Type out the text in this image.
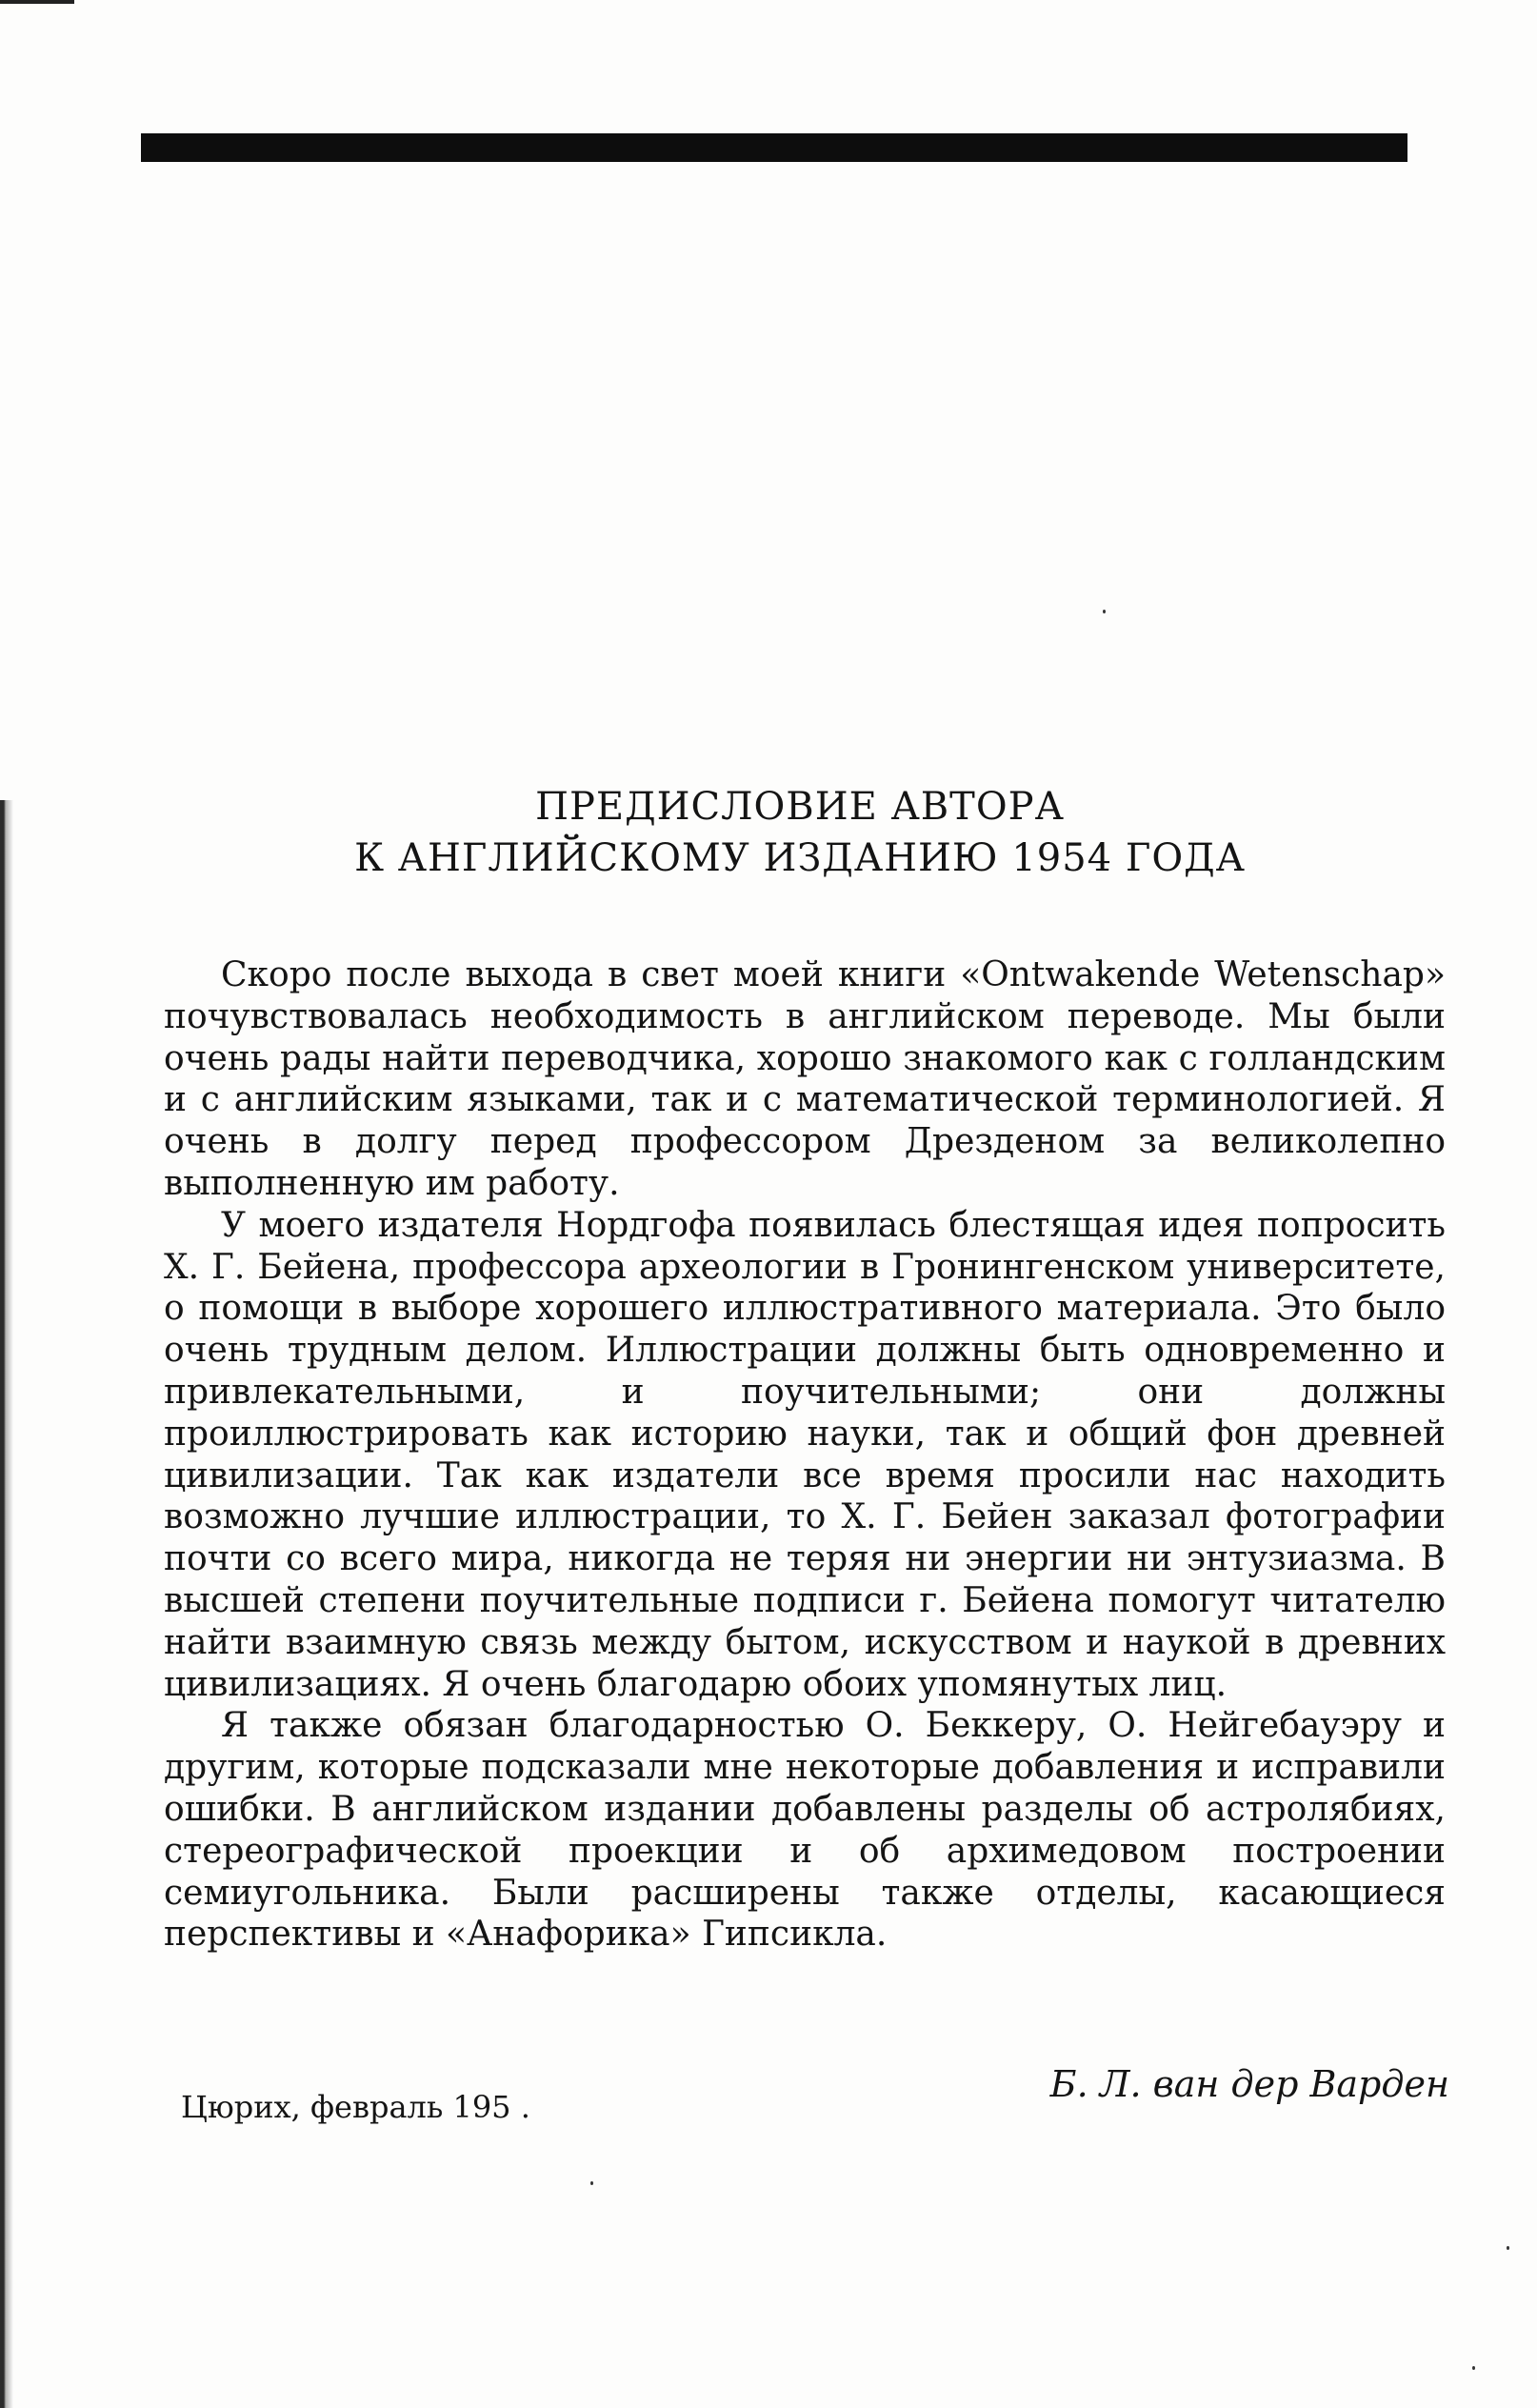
ПРЕДИСЛОВИЕ АВТОРА
К АНГЛИЙСКОМУ ИЗДАНИЮ 1954 ГОДА

Скоро после выхода в свет моей книги «Ontwakende Wetenschap» почувствовалась необходимость в английском переводе. Мы были очень рады найти переводчика, хорошо знакомого как с голландским и с английским языками, так и с математической терминологией. Я очень в долгу перед профессором Дрезденом за великолепно выполненную им работу.

У моего издателя Нордгофа появилась блестящая идея попросить Х. Г. Бейена, профессора археологии в Гронингенском университете, о помощи в выборе хорошего иллюстративного материала. Это было очень трудным делом. Иллюстрации должны быть одновременно и привлекательными, и поучительными; они должны проиллюстрировать как историю науки, так и общий фон древней цивилизации. Так как издатели все время просили нас находить возможно лучшие иллюстрации, то Х. Г. Бейен заказал фотографии почти со всего мира, никогда не теряя ни энергии ни энтузиазма. В высшей степени поучительные подписи г. Бейена помогут читателю найти взаимную связь между бытом, искусством и наукой в древних цивилизациях. Я очень благодарю обоих упомянутых лиц.

Я также обязан благодарностью О. Беккеру, О. Нейгебауэру и другим, которые подсказали мне некоторые добавления и исправили ошибки. В английском издании добавлены разделы об астролябиях, стереографической проекции и об архимедовом построении семиугольника. Были расширены также отделы, касающиеся перспективы и «Анафорика» Гипсикла.

Цюрих, февраль 195 .
Б. Л. ван дер Варден
